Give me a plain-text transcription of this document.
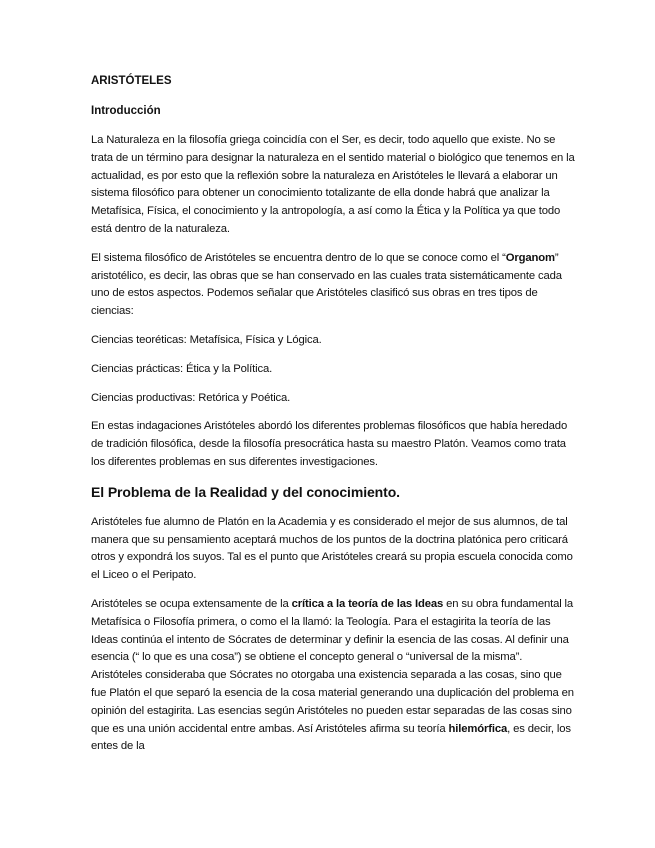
ARISTÓTELES
Introducción

La Naturaleza en la filosofía griega coincidía con el Ser, es decir, todo aquello que existe. No se trata de un término para designar la naturaleza en el sentido material o biológico que tenemos en la actualidad, es por esto que la reflexión sobre la naturaleza en Aristóteles le llevará a elaborar un sistema filosófico para obtener un conocimiento totalizante de ella donde habrá que analizar la Metafísica, Física, el conocimiento y la antropología, a así como la Ética y la Política ya que todo está dentro de la naturaleza.

El sistema filosófico de Aristóteles se encuentra dentro de lo que se conoce como el “Organom” aristotélico, es decir, las obras que se han conservado en las cuales trata sistemáticamente cada uno de estos aspectos. Podemos señalar que Aristóteles clasificó sus obras en tres tipos de ciencias:

Ciencias teoréticas: Metafísica, Física y Lógica.

Ciencias prácticas: Ética y la Política.

Ciencias productivas: Retórica y Poética.

En estas indagaciones Aristóteles abordó los diferentes problemas filosóficos que había heredado de tradición filosófica, desde la filosofía presocrática hasta su maestro Platón. Veamos como trata los diferentes problemas en sus diferentes investigaciones.

El Problema de la Realidad y del conocimiento.

Aristóteles fue alumno de Platón en la Academia y es considerado el mejor de sus alumnos, de tal manera que su pensamiento aceptará muchos de los puntos de la doctrina platónica pero criticará otros y expondrá los suyos. Tal es el punto que Aristóteles creará su propia escuela conocida como el Liceo o el Peripato.

Aristóteles se ocupa extensamente de la crítica a la teoría de las Ideas en su obra fundamental la Metafísica o Filosofía primera, o como el la llamó: la Teología. Para el estagirita la teoría de las Ideas continúa el intento de Sócrates de determinar y definir la esencia de las cosas. Al definir una esencia (“ lo que es una cosa”) se obtiene el concepto general o “universal de la misma”. Aristóteles consideraba que Sócrates no otorgaba una existencia separada a las cosas, sino que fue Platón el que separó la esencia de la cosa material generando una duplicación del problema en opinión del estagirita. Las esencias según Aristóteles no pueden estar separadas de las cosas sino que es una unión accidental entre ambas. Así Aristóteles afirma su teoría hilemórfica, es decir, los entes de la
